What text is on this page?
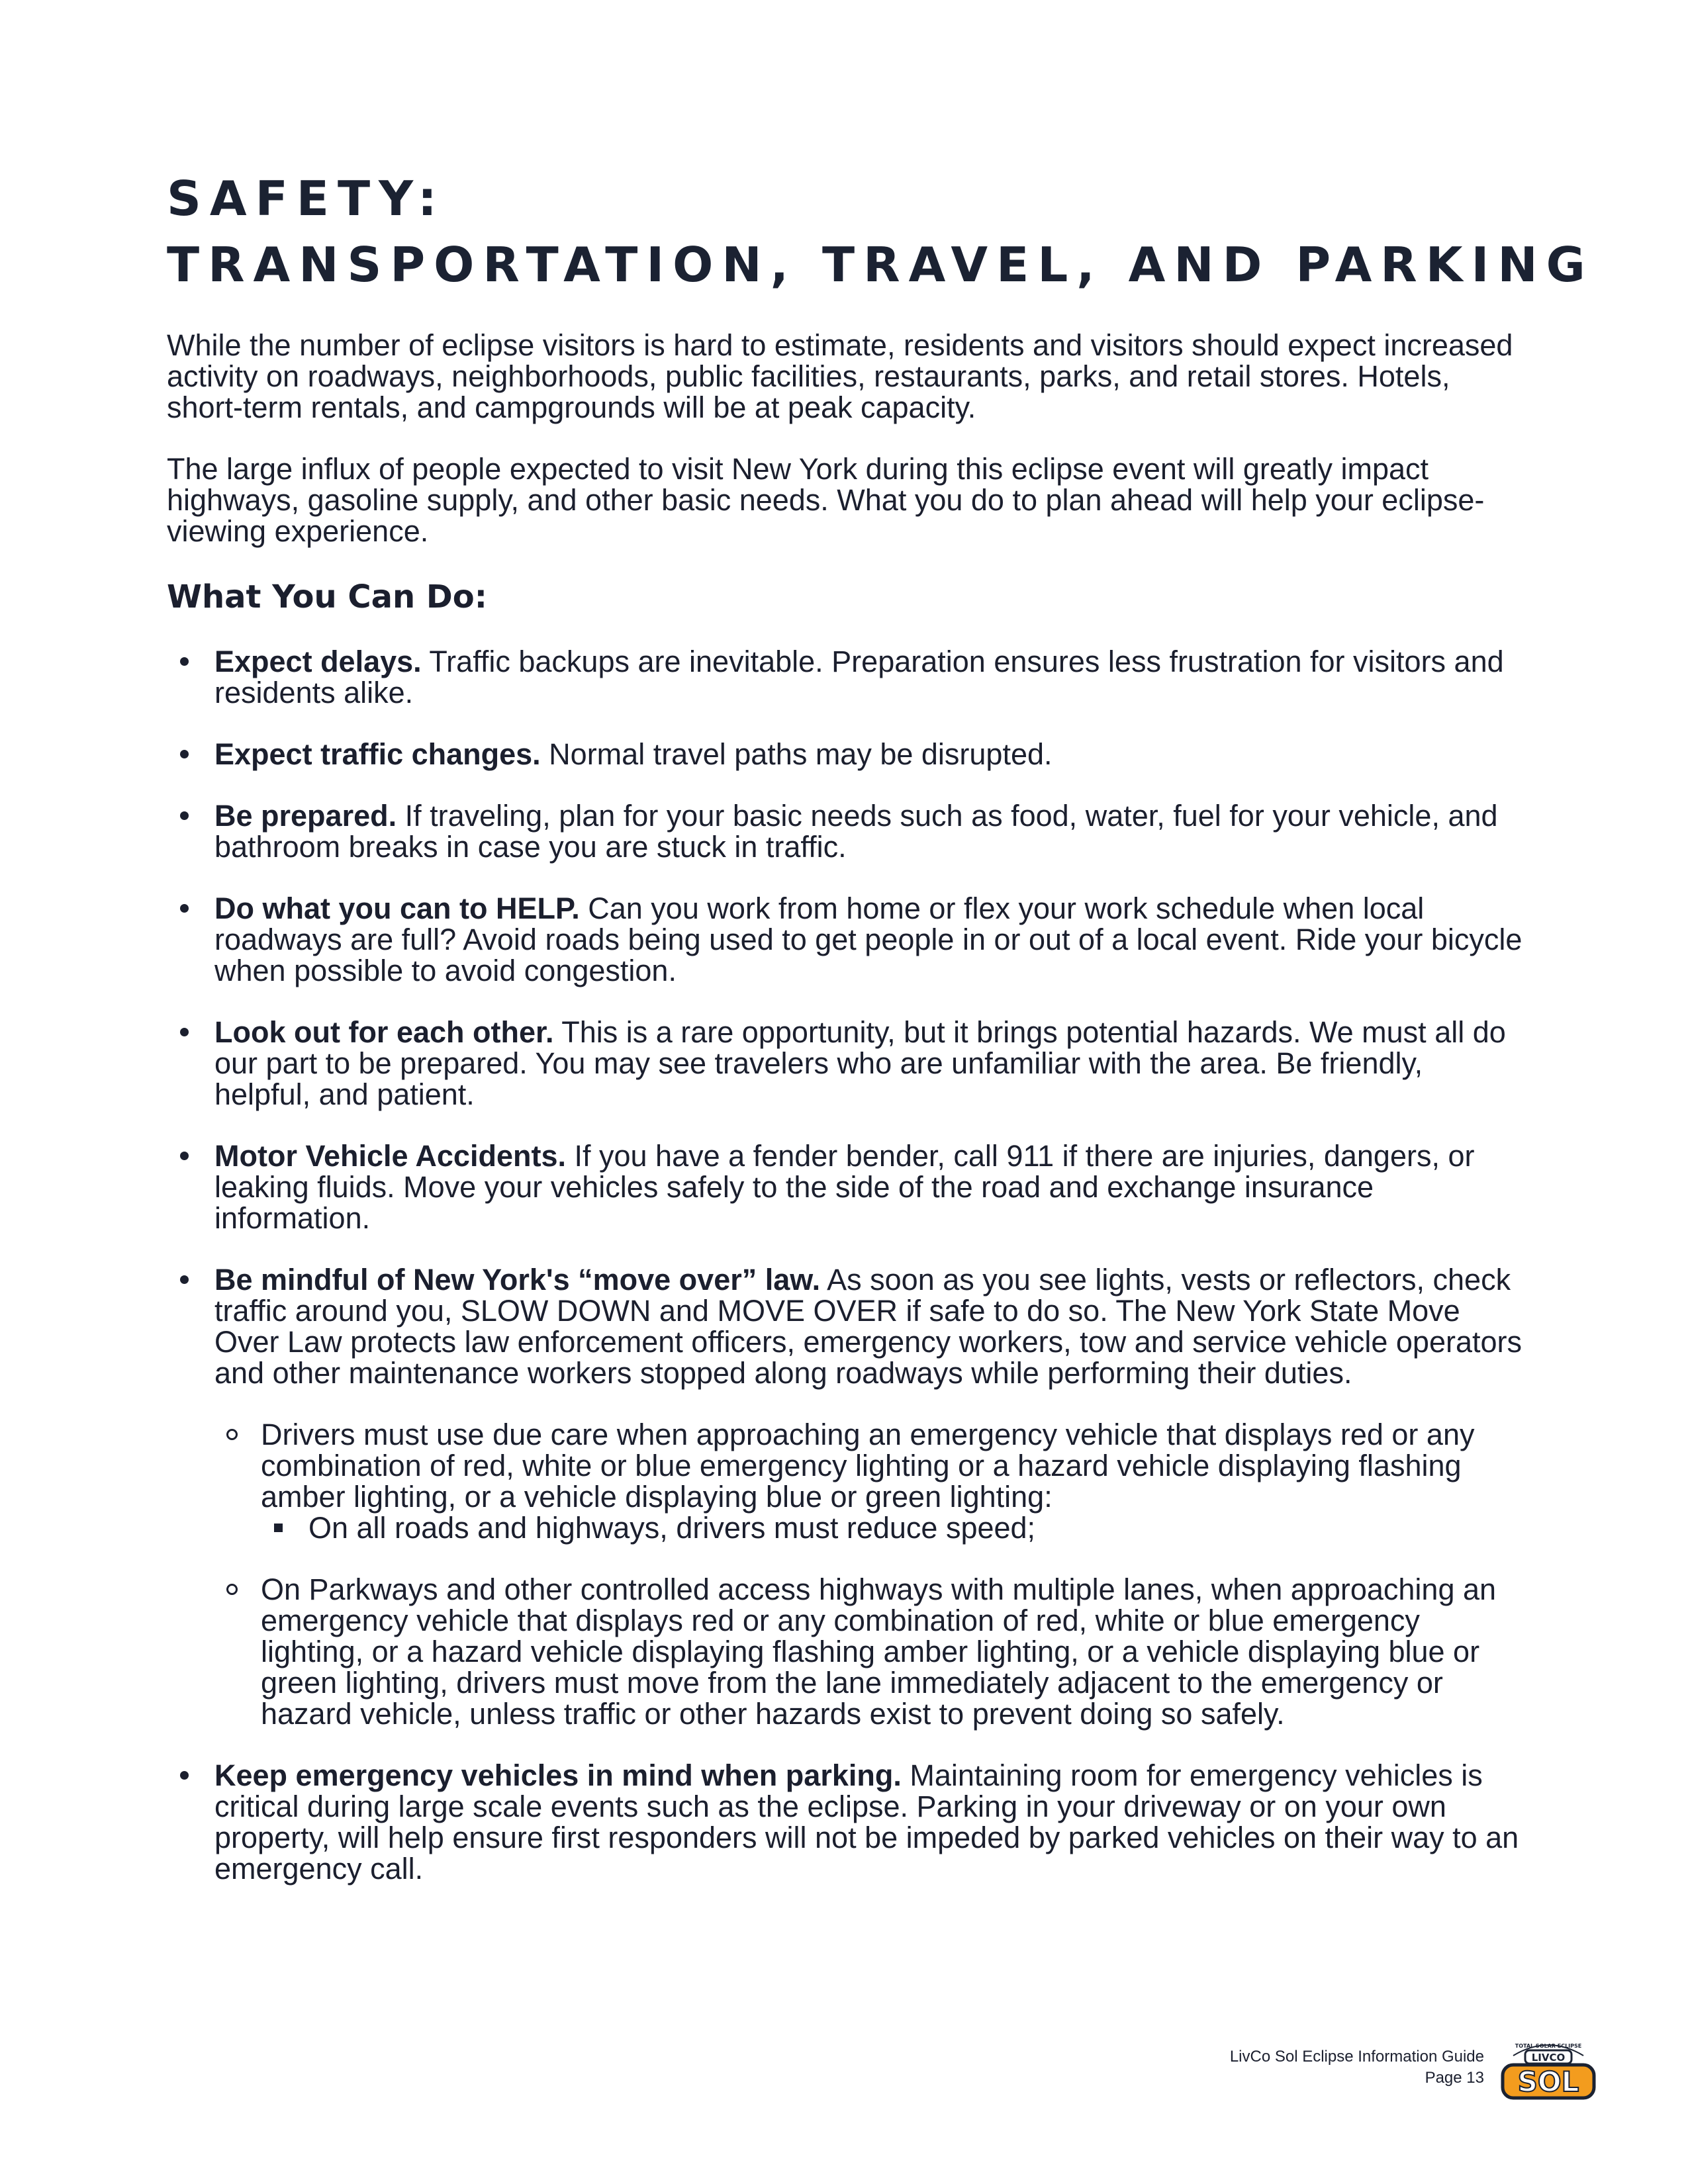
SAFETY:
TRANSPORTATION, TRAVEL, AND PARKING

While the number of eclipse visitors is hard to estimate, residents and visitors should expect increased activity on roadways, neighborhoods, public facilities, restaurants, parks, and retail stores. Hotels, short-term rentals, and campgrounds will be at peak capacity.

The large influx of people expected to visit New York during this eclipse event will greatly impact highways, gasoline supply, and other basic needs. What you do to plan ahead will help your eclipse-viewing experience.

What You Can Do:
Expect delays. Traffic backups are inevitable. Preparation ensures less frustration for visitors and residents alike.
Expect traffic changes. Normal travel paths may be disrupted.
Be prepared. If traveling, plan for your basic needs such as food, water, fuel for your vehicle, and bathroom breaks in case you are stuck in traffic.
Do what you can to HELP. Can you work from home or flex your work schedule when local roadways are full? Avoid roads being used to get people in or out of a local event. Ride your bicycle when possible to avoid congestion.
Look out for each other. This is a rare opportunity, but it brings potential hazards. We must all do our part to be prepared. You may see travelers who are unfamiliar with the area. Be friendly, helpful, and patient.
Motor Vehicle Accidents. If you have a fender bender, call 911 if there are injuries, dangers, or leaking fluids. Move your vehicles safely to the side of the road and exchange insurance information.
Be mindful of New York's “move over” law. As soon as you see lights, vests or reflectors, check traffic around you, SLOW DOWN and MOVE OVER if safe to do so. The New York State Move Over Law protects law enforcement officers, emergency workers, tow and service vehicle operators and other maintenance workers stopped along roadways while performing their duties.
Drivers must use due care when approaching an emergency vehicle that displays red or any combination of red, white or blue emergency lighting or a hazard vehicle displaying flashing amber lighting, or a vehicle displaying blue or green lighting:
On all roads and highways, drivers must reduce speed;
On Parkways and other controlled access highways with multiple lanes, when approaching an emergency vehicle that displays red or any combination of red, white or blue emergency lighting, or a hazard vehicle displaying flashing amber lighting, or a vehicle displaying blue or green lighting, drivers must move from the lane immediately adjacent to the emergency or hazard vehicle, unless traffic or other hazards exist to prevent doing so safely.
Keep emergency vehicles in mind when parking. Maintaining room for emergency vehicles is critical during large scale events such as the eclipse. Parking in your driveway or on your own property, will help ensure first responders will not be impeded by parked vehicles on their way to an emergency call.
LivCo Sol Eclipse Information Guide
Page 13
TOTAL SOLAR ECLIPSE
LIVCO
SOL
